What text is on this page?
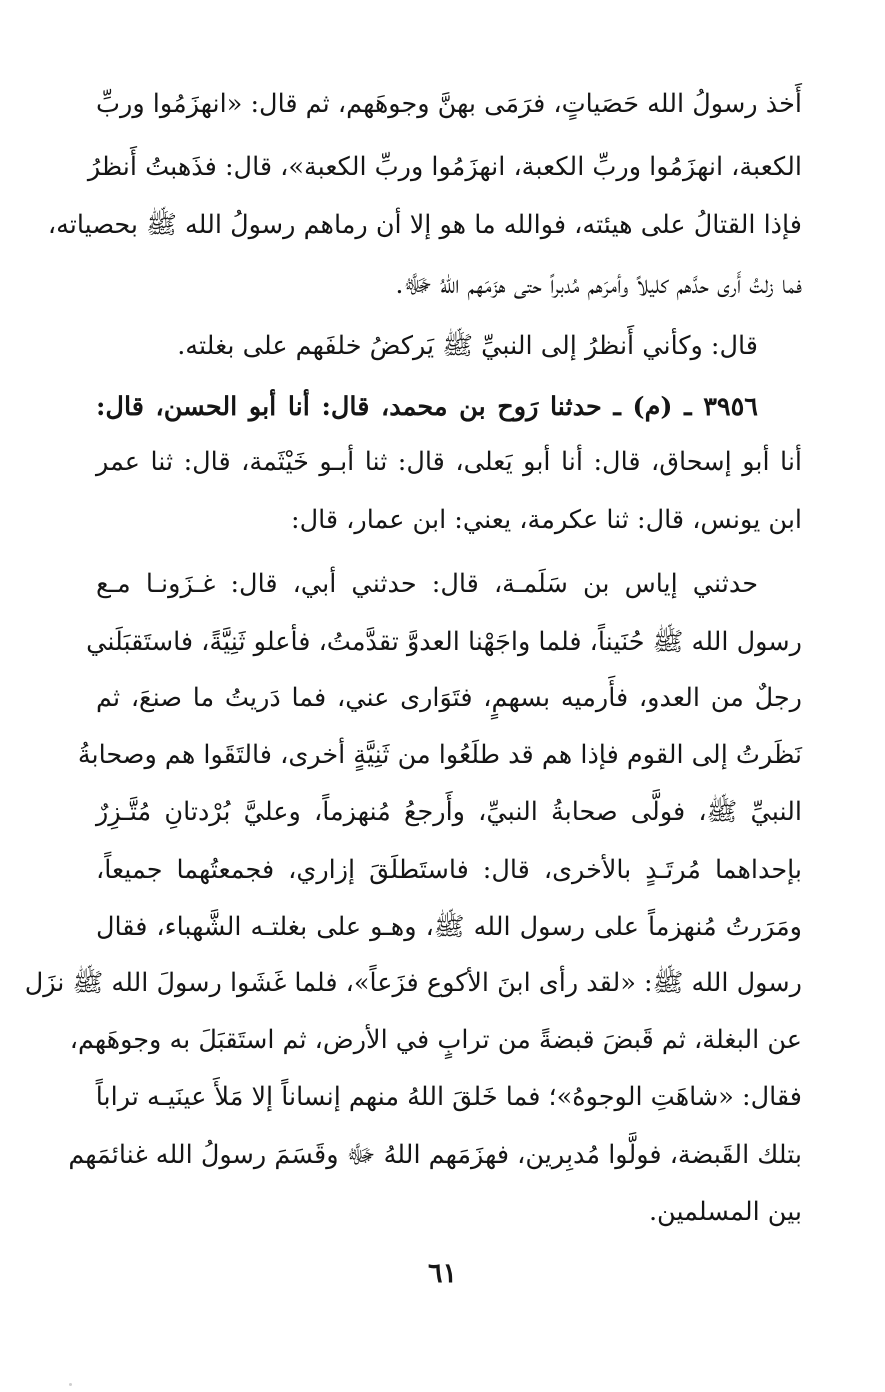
أَخذ رسولُ الله حَصَياتٍ، فرَمَى بهنَّ وجوهَهم، ثم قال: «انهزَمُوا وربِّ
الكعبة، انهزَمُوا وربِّ الكعبة، انهزَمُوا وربِّ الكعبة»، قال: فذَهبتُ أَنظرُ
فإذا القتالُ على هيئته، فوالله ما هو إلا أن رماهم رسولُ الله ﷺ بحصياته،
فما زلتُ أَرى حدَّهم كليلاً وأمرَهم مُدبراً حتى هزَمَهم اللهُ ﷻ.
قال: وكأني أَنظرُ إلى النبيِّ ﷺ يَركضُ خلفَهم على بغلته.
٣٩٥٦ ـ (م) ـ حدثنا رَوح بن محمد، قال: أنا أبو الحسن، قال:
أنا أبو إسحاق، قال: أنا أبو يَعلى، قال: ثنا أبـو خَيْثَمة، قال: ثنا عمر
ابن يونس، قال: ثنا عكرمة، يعني: ابن عمار، قال:
حدثني إياس بن سَلَمـة، قال: حدثني أبي، قال: غـزَونـا مـع
رسول الله ﷺ حُنَيناً، فلما واجَهْنا العدوَّ تقدَّمتُ، فأعلو ثَنِيَّةً، فاستَقبَلَني
رجلٌ من العدو، فأَرميه بسهمٍ، فتَوَارى عني، فما دَريتُ ما صنعَ، ثم
نَظَرتُ إلى القوم فإذا هم قد طلَعُوا من ثَنِيَّةٍ أخرى، فالتَقَوا هم وصحابةُ
النبيِّ ﷺ، فولَّى صحابةُ النبيِّ، وأَرجعُ مُنهزماً، وعليَّ بُرْدتانِ مُتَّـزِرٌ
بإحداهما مُرتَـدٍ بالأخرى، قال: فاستَطلَقَ إزاري، فجمعتُهما جميعاً،
ومَرَرتُ مُنهزماً على رسول الله ﷺ، وهـو على بغلتـه الشَّهباء، فقال
رسول الله ﷺ: «لقد رأى ابنَ الأكوع فزَعاً»، فلما غَشَوا رسولَ الله ﷺ نزَل
عن البغلة، ثم قَبضَ قبضةً من ترابٍ في الأرض، ثم استَقبَلَ به وجوهَهم،
فقال: «شاهَتِ الوجوهُ»؛ فما خَلقَ اللهُ منهم إنساناً إلا مَلأَ عينَيـه تراباً
بتلك القَبضة، فولَّوا مُدبِرين، فهزَمَهم اللهُ ﷻ وقَسَمَ رسولُ الله غنائمَهم
بين المسلمين.
٦١
